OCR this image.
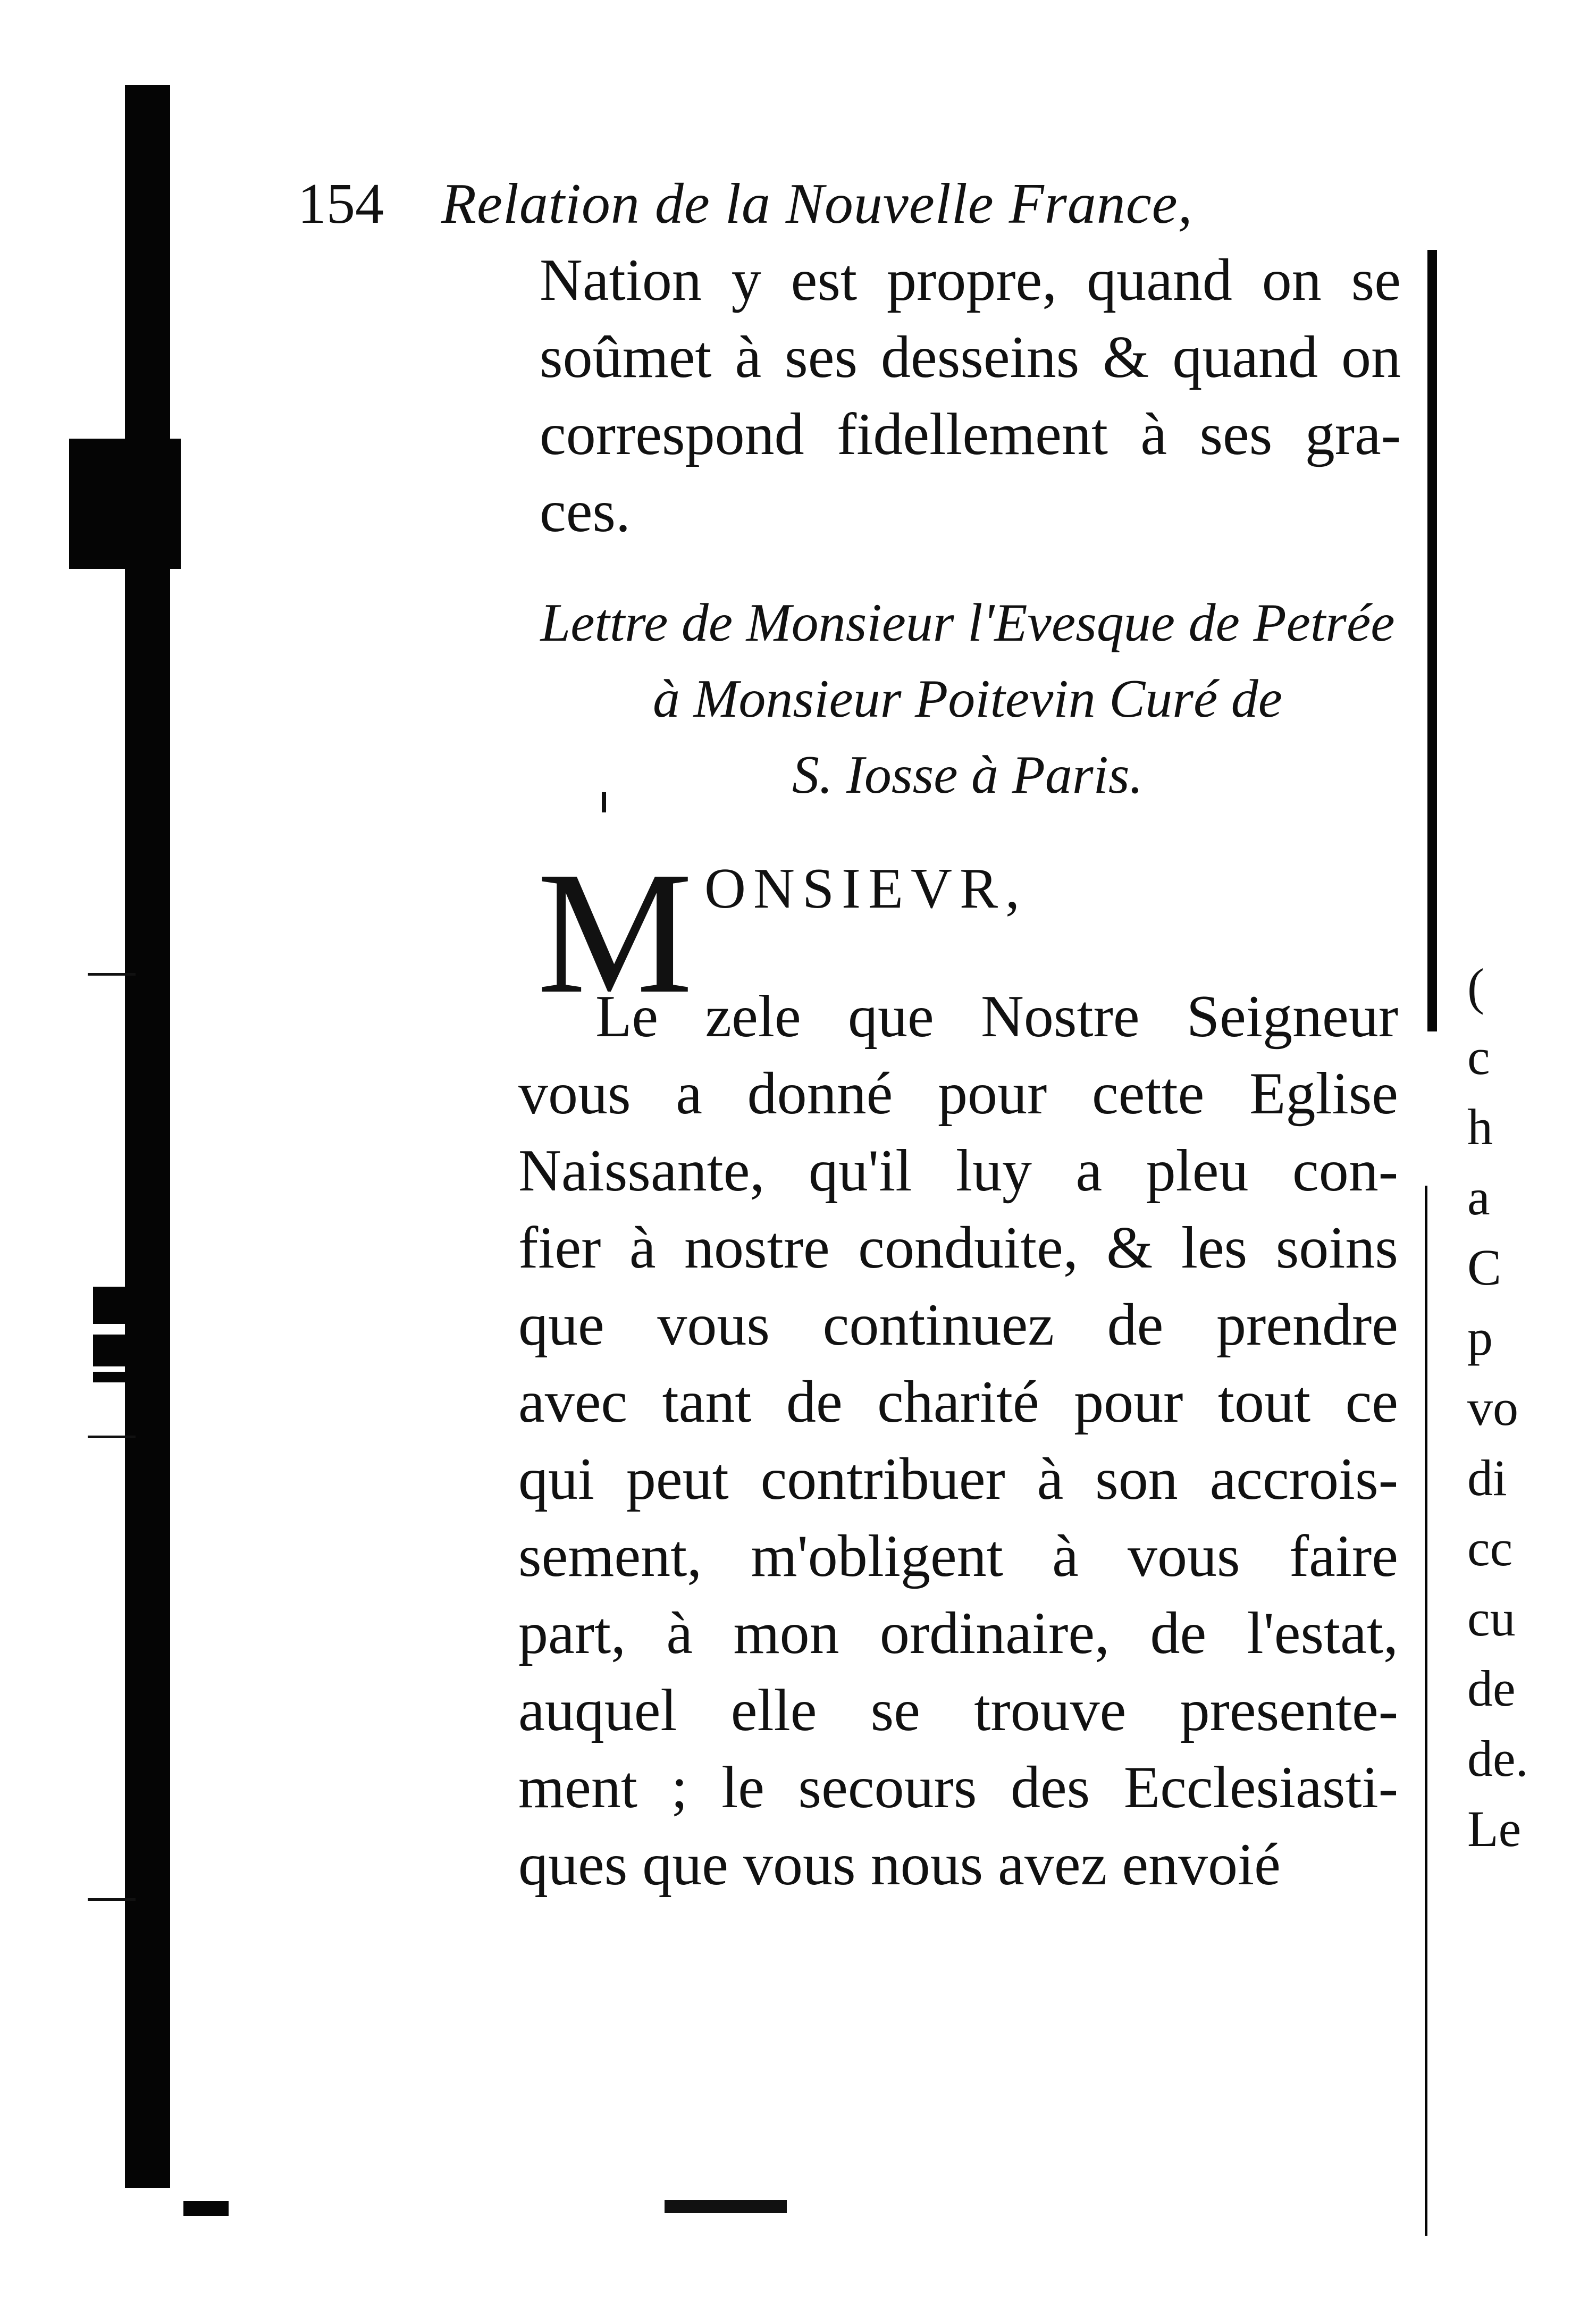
154	Relation de la Nouvelle France,
Nation y est propre, quand on se
soûmet à ses desseins & quand on
correspond fidellement à ses gra-
ces.
Lettre de Monsieur l'Evesque de Petrée
à Monsieur Poitevin Curé de
S. Iosse à Paris.
M ONSIEVR,
Le zele que Nostre Seigneur
vous a donné pour cette Eglise
Naissante, qu'il luy a pleu con-
fier à nostre conduite, & les soins
que vous continuez de prendre
avec tant de charité pour tout ce
qui peut contribuer à son accrois-
sement, m'obligent à vous faire
part, à mon ordinaire, de l'estat,
auquel elle se trouve presente-
ment ; le secours des Ecclesiasti-
ques que vous nous avez envoié
(
c
h
a
C
p
vo
di
cc
cu
de
de.
Le
